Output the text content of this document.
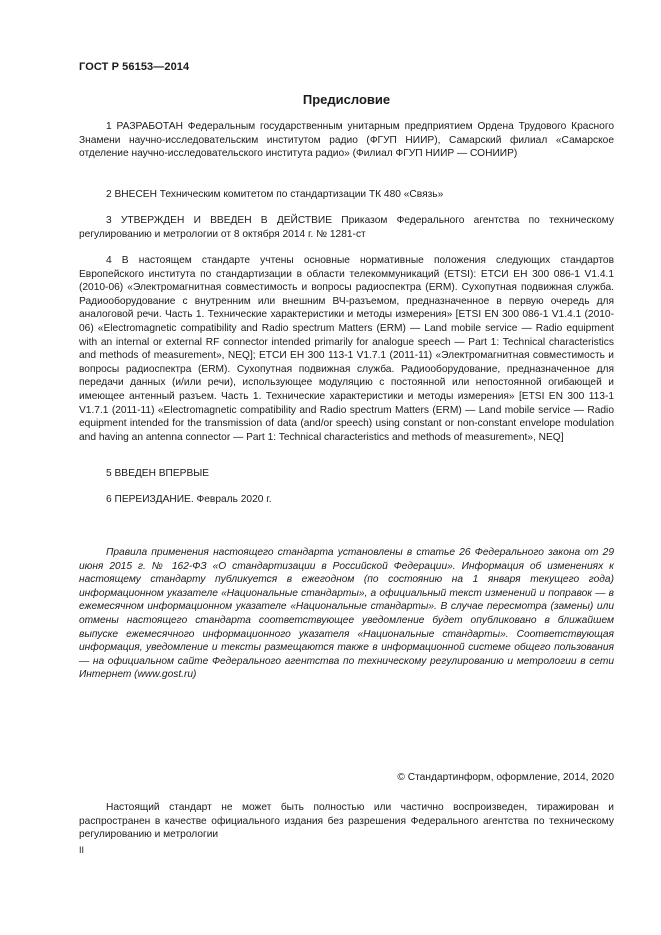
ГОСТ Р 56153—2014
Предисловие

1 РАЗРАБОТАН Федеральным государственным унитарным предприятием Ордена Трудового Красного Знамени научно-исследовательским институтом радио (ФГУП НИИР), Самарский филиал «Самарское отделение научно-исследовательского института радио» (Филиал ФГУП НИИР — СОНИИР)

2 ВНЕСЕН Техническим комитетом по стандартизации ТК 480 «Связь»

3 УТВЕРЖДЕН И ВВЕДЕН В ДЕЙСТВИЕ Приказом Федерального агентства по техническому регулированию и метрологии от 8 октября 2014 г. № 1281-ст

4 В настоящем стандарте учтены основные нормативные положения следующих стандартов Европейского института по стандартизации в области телекоммуникаций (ETSI): ЕТСИ ЕН 300 086-1 V1.4.1 (2010-06) «Электромагнитная совместимость и вопросы радиоспектра (ERM). Сухопутная подвижная служба. Радиооборудование с внутренним или внешним ВЧ-разъемом, предназначенное в первую очередь для аналоговой речи. Часть 1. Технические характеристики и методы измерения» [ETSI EN 300 086-1 V1.4.1 (2010-06) «Electromagnetic compatibility and Radio spectrum Matters (ERM) — Land mobile service — Radio equipment with an internal or external RF connector intended primarily for analogue speech — Part 1: Technical characteristics and methods of measurement», NEQ]; ЕТСИ ЕН 300 113-1 V1.7.1 (2011-11) «Электромагнитная совместимость и вопросы радиоспектра (ERM). Сухопутная подвижная служба. Радиооборудование, предназначенное для передачи данных (и/или речи), использующее модуляцию с постоянной или непостоянной огибающей и имеющее антенный разъем. Часть 1. Технические характеристики и методы измерения» [ETSI EN 300 113-1 V1.7.1 (2011-11) «Electromagnetic compatibility and Radio spectrum Matters (ERM) — Land mobile service — Radio equipment intended for the transmission of data (and/or speech) using constant or non-constant envelope modulation and having an antenna connector — Part 1: Technical characteristics and methods of measurement», NEQ]

5 ВВЕДЕН ВПЕРВЫЕ

6 ПЕРЕИЗДАНИЕ. Февраль 2020 г.

Правила применения настоящего стандарта установлены в статье 26 Федерального закона от 29 июня 2015 г. № 162-ФЗ «О стандартизации в Российской Федерации». Информация об изменениях к настоящему стандарту публикуется в ежегодном (по состоянию на 1 января текущего года) информационном указателе «Национальные стандарты», а официальный текст изменений и поправок — в ежемесячном информационном указателе «Национальные стандарты». В случае пересмотра (замены) или отмены настоящего стандарта соответствующее уведомление будет опубликовано в ближайшем выпуске ежемесячного информационного указателя «Национальные стандарты». Соответствующая информация, уведомление и тексты размещаются также в информационной системе общего пользования — на официальном сайте Федерального агентства по техническому регулированию и метрологии в сети Интернет (www.gost.ru)
© Стандартинформ, оформление, 2014, 2020
Настоящий стандарт не может быть полностью или частично воспроизведен, тиражирован и распространен в качестве официального издания без разрешения Федерального агентства по техническому регулированию и метрологии
II
